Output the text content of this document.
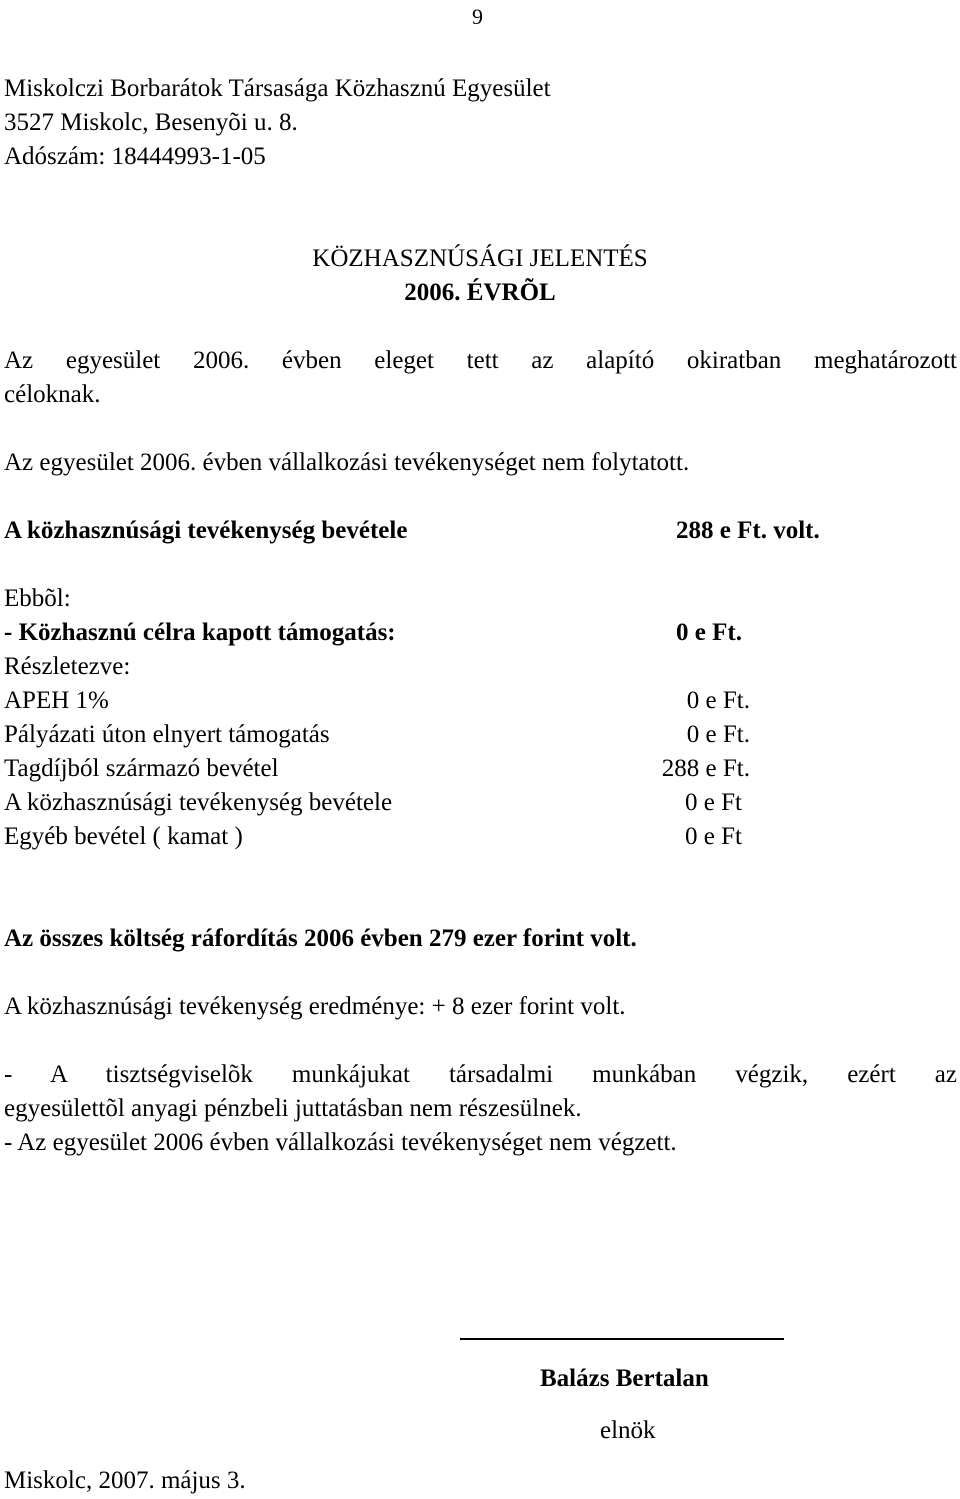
9
Miskolczi Borbarátok Társasága Közhasznú Egyesület
3527 Miskolc, Besenyõi u. 8.
Adószám: 18444993-1-05
KÖZHASZNÚSÁGI JELENTÉS
2006. ÉVRÕL
Az egyesület 2006. évben eleget tett az alapító okiratban meghatározott
céloknak.
Az egyesület 2006. évben vállalkozási tevékenységet nem folytatott.
A közhasznúsági tevékenység bevétele	288 e Ft. volt.
Ebbõl:
- Közhasznú célra kapott támogatás:	0 e Ft.
Részletezve:
APEH 1%	0 e Ft.
Pályázati úton elnyert támogatás	0 e Ft.
Tagdíjból származó bevétel	288 e Ft.
A közhasznúsági tevékenység bevétele	0 e Ft
Egyéb bevétel ( kamat )	0 e Ft
Az összes költség ráfordítás 2006 évben 279 ezer forint volt.
A közhasznúsági tevékenység eredménye: + 8 ezer forint volt.
- A tisztségviselõk munkájukat társadalmi munkában végzik, ezért az
egyesülettõl anyagi pénzbeli juttatásban nem részesülnek.
- Az egyesület 2006 évben vállalkozási tevékenységet nem végzett.
Balázs Bertalan
elnök
Miskolc, 2007. május 3.
